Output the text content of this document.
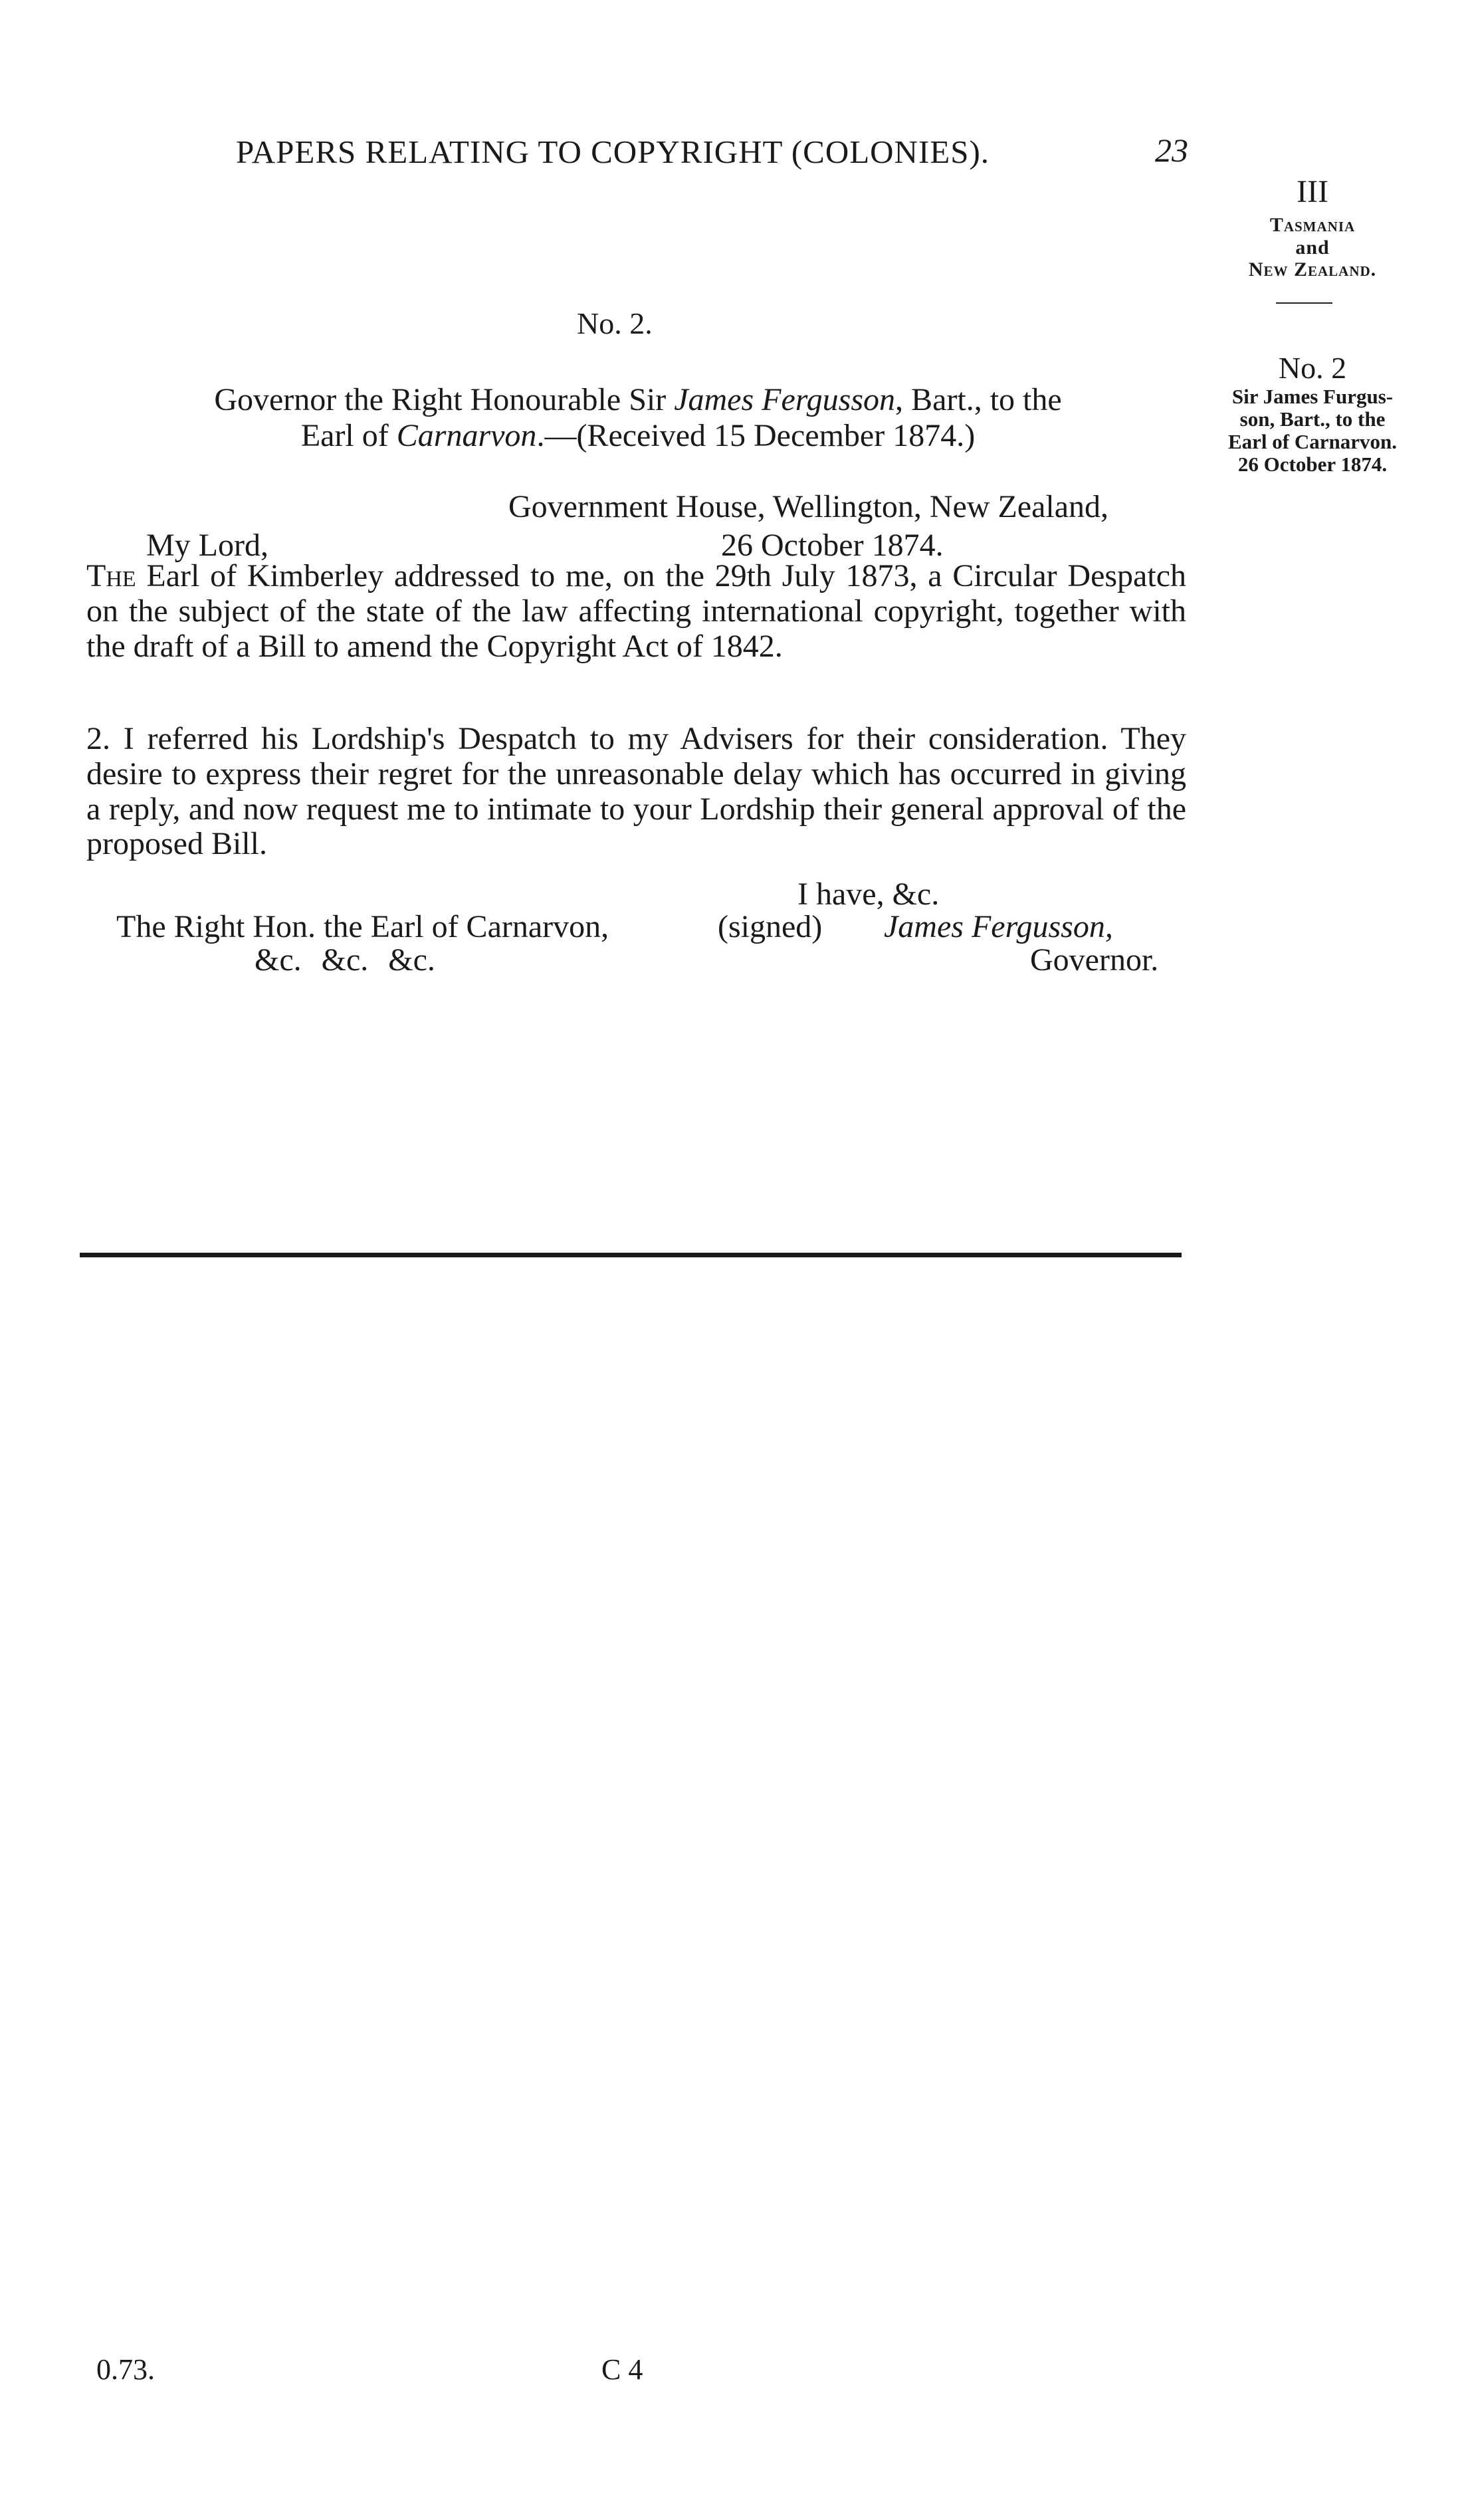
PAPERS RELATING TO COPYRIGHT (COLONIES).	23
III
Tasmania
and
New Zealand.
No. 2
Sir James Furgus-
son, Bart., to the
Earl of Carnarvon.
26 October 1874.
No. 2.
Governor the Right Honourable Sir James Fergusson, Bart., to the
Earl of Carnarvon.—(Received 15 December 1874.)
Government House, Wellington, New Zealand,
My Lord,	26 October 1874.
The Earl of Kimberley addressed to me, on the 29th July 1873, a Circular Despatch on the subject of the state of the law affecting international copyright, together with the draft of a Bill to amend the Copyright Act of 1842.
2. I referred his Lordship's Despatch to my Advisers for their consideration. They desire to express their regret for the unreasonable delay which has occurred in giving a reply, and now request me to intimate to your Lordship their general approval of the proposed Bill.
I have, &c.
The Right Hon. the Earl of Carnarvon,	(signed) James Fergusson,
&c. &c. &c.	Governor.
0.73.	C 4
